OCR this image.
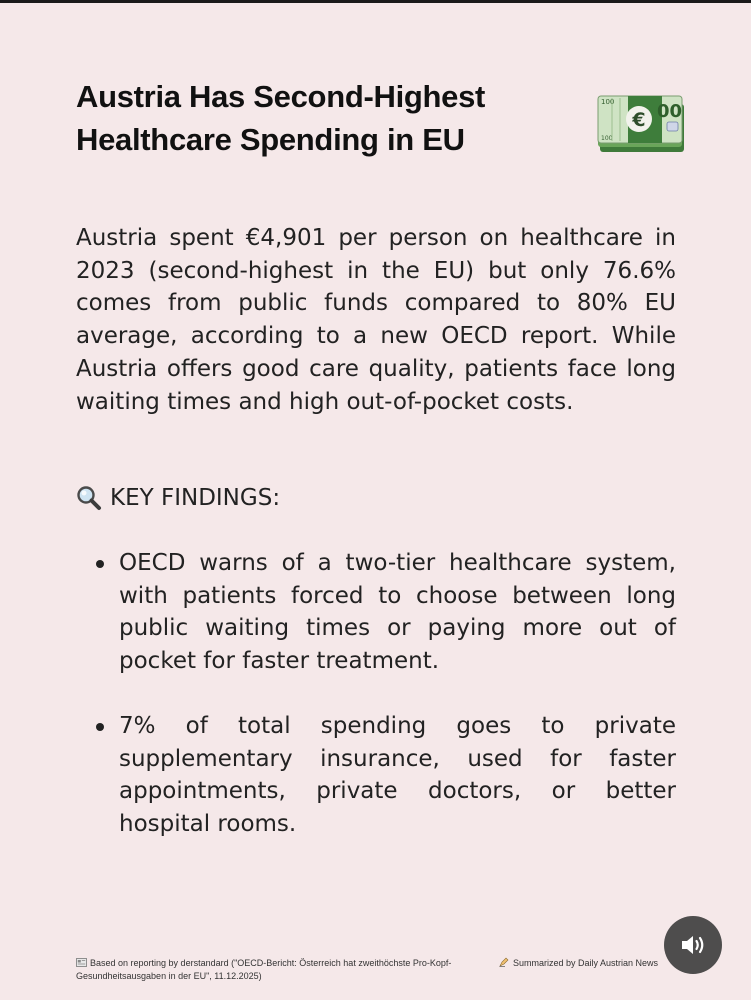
Austria Has Second-Highest Healthcare Spending in EU
€ 00
100
100

Austria spent €4,901 per person on healthcare in 2023 (second-highest in the EU) but only 76.6% comes from public funds compared to 80% EU average, according to a new OECD report. While Austria offers good care quality, patients face long waiting times and high out-of-pocket costs.

KEY FINDINGS:
OECD warns of a two-tier healthcare system, with patients forced to choose between long public waiting times or paying more out of pocket for faster treatment.
7% of total spending goes to private supplementary insurance, used for faster appointments, private doctors, or better hospital rooms.
Based on reporting by derstandard ("OECD-Bericht: Österreich hat zweithöchste Pro-Kopf-Gesundheitsausgaben in der EU", 11.12.2025)
Summarized by Daily Austrian News
